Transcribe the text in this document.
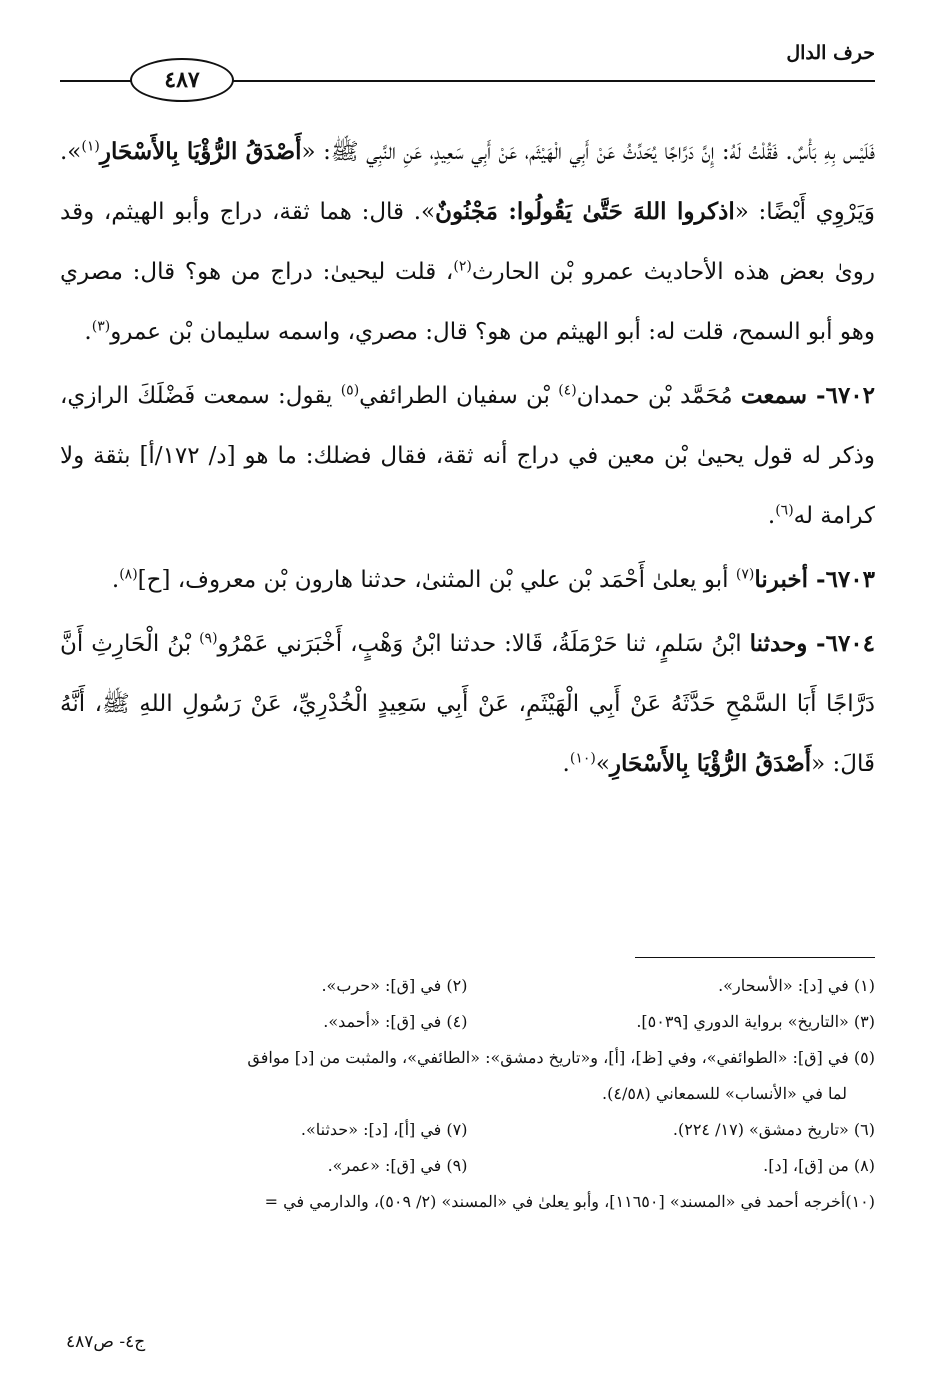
حرف الدال
٤٨٧

فَلَيْس بِهِ بَأْسٌ. فَقُلْتُ لَهُ: إِنَّ دَرَّاجًا يُحَدِّثُ عَنْ أَبِي الْهَيْثَم، عَنْ أَبِي سَعِيدٍ، عَنِ النَّبِي ﷺ: «أَصْدَقُ الرُّؤْيَا بِالأَسْحَارِ$^{(١)}$». وَيَرْوِي أَيْضًا: «اذكروا اللهَ حَتَّىٰ يَقُولُوا: مَجْنُونٌ». قال: هما ثقة، دراج وأبو الهيثم، وقد رویٰ بعض هذه الأحاديث عمرو بْن الحارث$^{(٢)}$، قلت ليحيىٰ: دراج من هو؟ قال: مصري وهو أبو السمح، قلت له: أبو الهيثم من هو؟ قال: مصري، واسمه سليمان بْن عمرو$^{(٣)}$.

٦٧٠٢- سمعت مُحَمَّد بْن حمدان$^{(٤)}$ بْن سفيان الطرائفي$^{(٥)}$ يقول: سمعت فَضْلَكَ الرازي، وذكر له قول يحيىٰ بْن معين في دراج أنه ثقة، فقال فضلك: ما هو [د/ ١٧٢/أ] بثقة ولا كرامة له$^{(٦)}$.

٦٧٠٣- أخبرنا$^{(٧)}$ أبو يعلىٰ أَحْمَد بْن علي بْن المثنىٰ، حدثنا هارون بْن معروف، [ح]$^{(٨)}$.

٦٧٠٤- وحدثنا ابْنُ سَلمٍ، ثنا حَرْمَلَةُ، قَالا: حدثنا ابْنُ وَهْبٍ، أَخْبَرَني عَمْرُو$^{(٩)}$ بْنُ الْحَارِثِ أَنَّ دَرَّاجًا أَبَا السَّمْحِ حَدَّثَهُ عَنْ أَبِي الْهَيْثَمِ، عَنْ أَبِي سَعِيدٍ الْخُدْرِيِّ، عَنْ رَسُولِ اللهِ ﷺ، أَنَّهُ قَالَ: «أَصْدَقُ الرُّؤْيَا بِالأَسْحَارِ»$^{(١٠)}$.

(١) في [د]: «الأسحار».
(٢) في [ق]: «حرب».
(٣) «التاريخ» برواية الدوري [٥٠٣٩].
(٤) في [ق]: «أحمد».
(٥) في [ق]: «الطوائفي»، وفي [ظ]، [أ]، و«تاريخ دمشق»: «الطائفي»، والمثبت من [د] موافق
لما في «الأنساب» للسمعاني (٤/٥٨).
(٦) «تاريخ دمشق» (١٧/ ٢٢٤).
(٧) في [أ]، [د]: «حدثنا».
(٨) من [ق]، [د].
(٩) في [ق]: «عمر».
(١٠)أخرجه أحمد في «المسند» [١١٦٥٠]، وأبو يعلىٰ في «المسند» (٢/ ٥٠٩)، والدارمي في =
ج٤- ص٤٨٧
